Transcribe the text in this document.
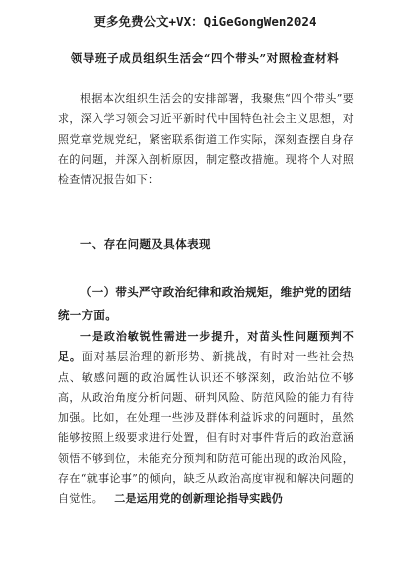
更多免费公文+VX：QiGeGongWen2024
领导班子成员组织生活会“四个带头”对照检查材料
根据本次组织生活会的安排部署，我聚焦“四个带头”要求，深入学习领会习近平新时代中国特色社会主义思想，对照党章党规党纪，紧密联系街道工作实际，深刻查摆自身存在的问题，并深入剖析原因，制定整改措施。现将个人对照检查情况报告如下：
一、存在问题及具体表现
（一）带头严守政治纪律和政治规矩，维护党的团结统一方面。
一是政治敏锐性需进一步提升，对苗头性问题预判不足。面对基层治理的新形势、新挑战，有时对一些社会热点、敏感问题的政治属性认识还不够深刻，政治站位不够高，从政治角度分析问题、研判风险、防范风险的能力有待加强。比如，在处理一些涉及群体利益诉求的问题时，虽然能够按照上级要求进行处置，但有时对事件背后的政治意涵领悟不够到位，未能充分预判和防范可能出现的政治风险，存在“就事论事”的倾向，缺乏从政治高度审视和解决问题的自觉性。  二是运用党的创新理论指导实践仍
